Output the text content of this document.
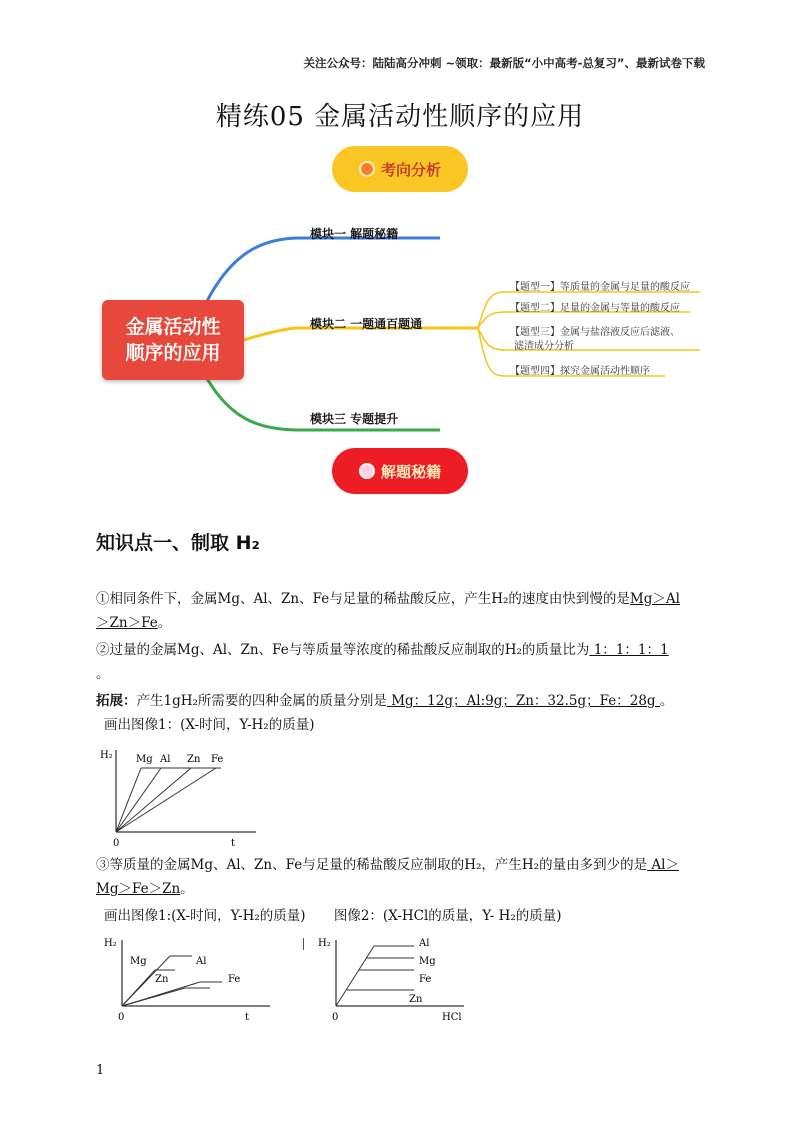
关注公众号：陆陆高分冲刺 ~领取：最新版“小中高考-总复习”、最新试卷下载
精练05 金属活动性顺序的应用
考向分析
金属活动性
顺序的应用
模块一 解题秘籍
模块二 一题通百题通
模块三 专题提升
【题型一】等质量的金属与足量的酸反应
【题型二】足量的金属与等量的酸反应
【题型三】金属与盐溶液反应后滤液、
滤渣成分分析
【题型四】探究金属活动性顺序
解题秘籍
知识点一、制取 H₂
①相同条件下，金属Mg、Al、Zn、Fe与足量的稀盐酸反应，产生H₂的速度由快到慢的是Mg＞Al
＞Zn＞Fe。
②过量的金属Mg、Al、Zn、Fe与等质量等浓度的稀盐酸反应制取的H₂的质量比为 1：1：1：1
。
拓展：产生1gH₂所需要的四种金属的质量分别是 Mg：12g；Al:9g；Zn：32.5g；Fe：28g 。
画出图像1：(X-时间，Y-H₂的质量)
H₂ Mg Al Zn Fe
0	t
③等质量的金属Mg、Al、Zn、Fe与足量的稀盐酸反应制取的H₂，产生H₂的量由多到少的是 Al＞
Mg＞Fe＞Zn。
画出图像1:(X-时间，Y-H₂的质量) 图像2：(X-HCl的质量，Y- H₂的质量)
H₂
Mg	Al
Zn	Fe
0	t
H₂	Al
Mg
Fe
Zn
0	HCl
1
